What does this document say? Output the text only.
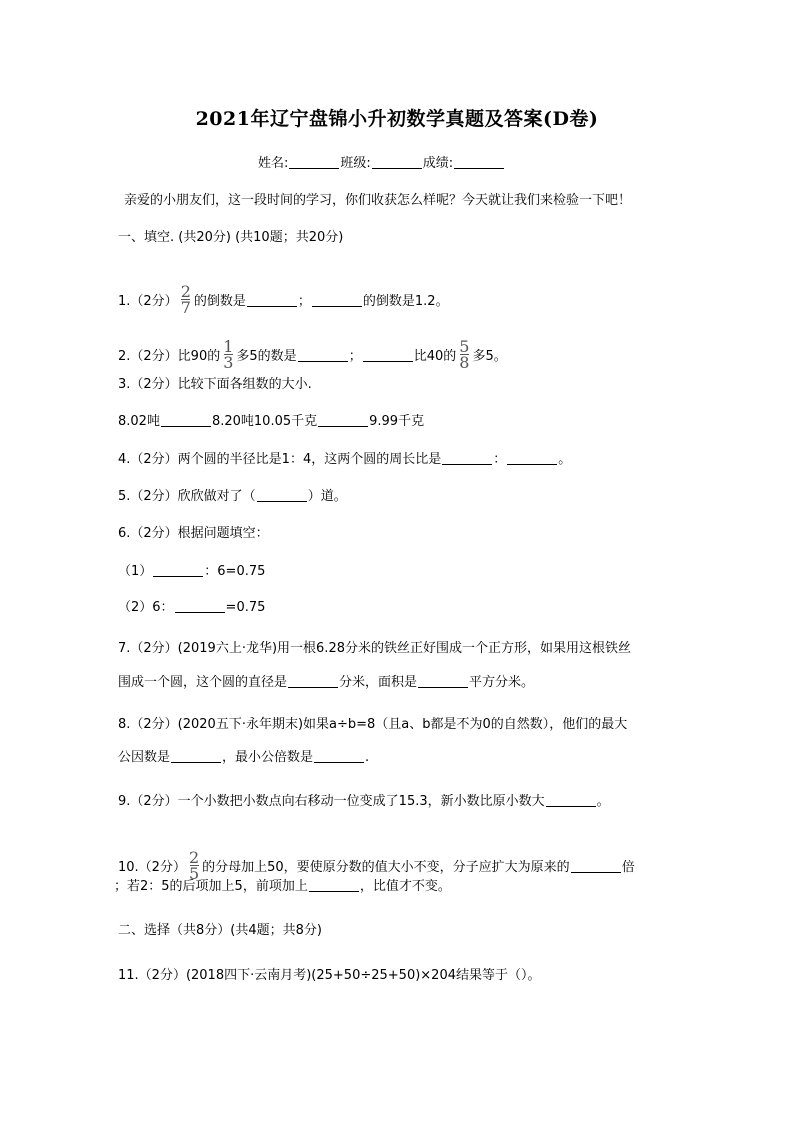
2021年辽宁盘锦小升初数学真题及答案(D卷)
姓名:	班级:	成绩:
亲爱的小朋友们，这一段时间的学习，你们收获怎么样呢？今天就让我们来检验一下吧！
一、填空. (共20分) (共10题；共20分)
1.（2分） $\frac{2}{7}$ 的倒数是	；	的倒数是1.2。
2.（2分）比90的 $\frac{1}{3}$ 多5的数是	；	比40的 $\frac{5}{8}$ 多5。
3.（2分）比较下面各组数的大小.
8.02吨	8.20吨10.05千克	9.99千克
4.（2分）两个圆的半径比是1：4，这两个圆的周长比是	：	。
5.（2分）欣欣做对了（	）道。
6.（2分）根据问题填空：
（1）	：6=0.75
（2）6：	=0.75
7.（2分）(2019六上·龙华)用一根6.28分米的铁丝正好围成一个正方形，如果用这根铁丝
围成一个圆，这个圆的直径是	分米，面积是	平方分米。
8.（2分）(2020五下·永年期末)如果a÷b=8（且a、b都是不为0的自然数），他们的最大
公因数是	，最小公倍数是	.
9.（2分）一个小数把小数点向右移动一位变成了15.3，新小数比原小数大	。
10.（2分） $\frac{2}{5}$ 的分母加上50，要使原分数的值大小不变，分子应扩大为原来的	倍
；若2：5的后项加上5，前项加上	，比值才不变。
二、选择（共8分）(共4题；共8分)
11.（2分）(2018四下·云南月考)(25+50÷25+50)×204结果等于（）。
